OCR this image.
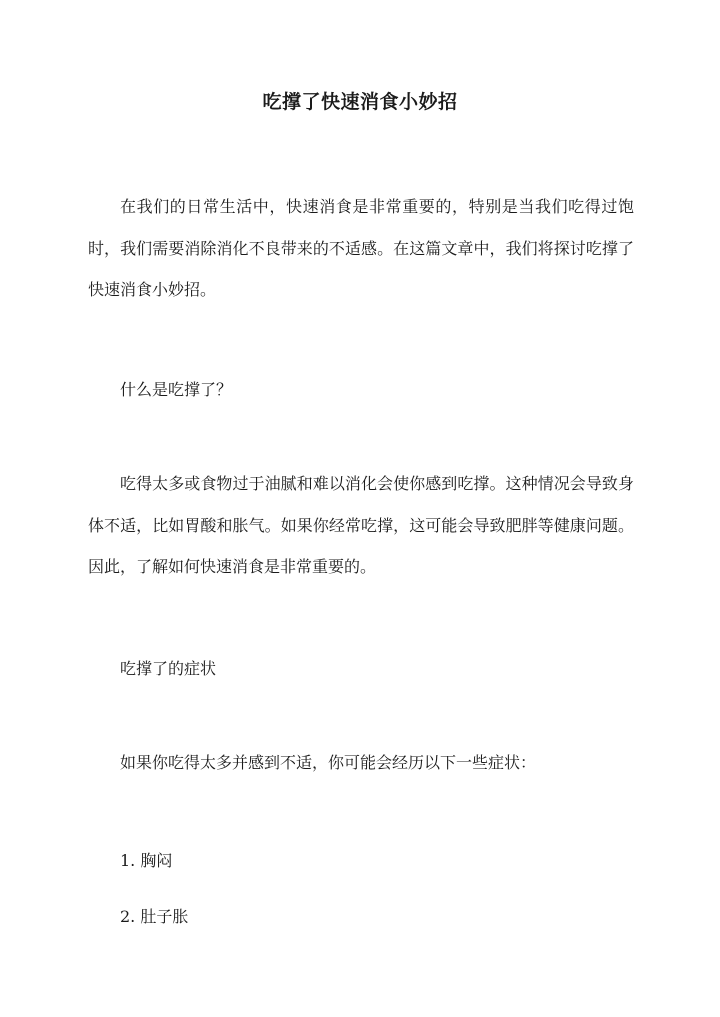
吃撑了快速消食小妙招
在我们的日常生活中，快速消食是非常重要的，特别是当我们吃得过饱时，我们需要消除消化不良带来的不适感。在这篇文章中，我们将探讨吃撑了快速消食小妙招。
什么是吃撑了？
吃得太多或食物过于油腻和难以消化会使你感到吃撑。这种情况会导致身体不适，比如胃酸和胀气。如果你经常吃撑，这可能会导致肥胖等健康问题。因此，了解如何快速消食是非常重要的。
吃撑了的症状
如果你吃得太多并感到不适，你可能会经历以下一些症状：
1. 胸闷
2. 肚子胀
